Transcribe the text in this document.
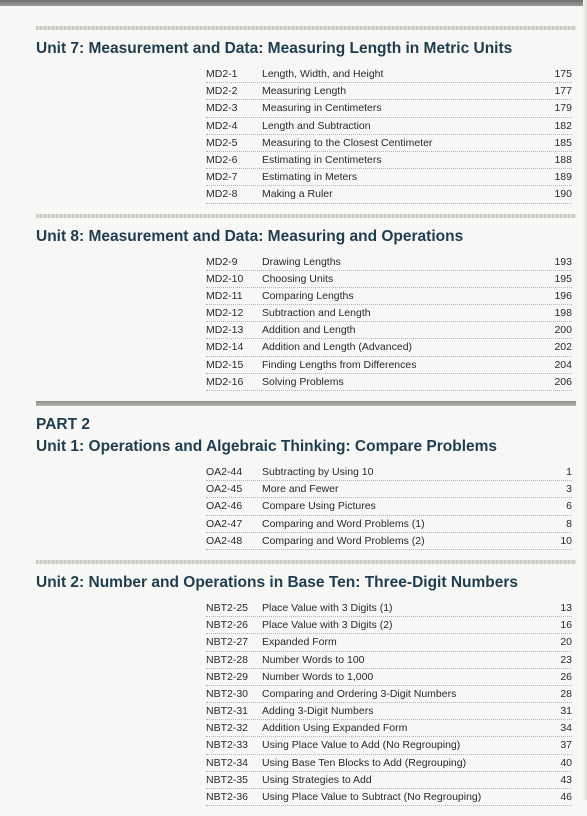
Unit 7: Measurement and Data: Measuring Length in Metric Units
MD2-1	Length, Width, and Height	175
MD2-2	Measuring Length	177
MD2-3	Measuring in Centimeters	179
MD2-4	Length and Subtraction	182
MD2-5	Measuring to the Closest Centimeter	185
MD2-6	Estimating in Centimeters	188
MD2-7	Estimating in Meters	189
MD2-8	Making a Ruler	190
Unit 8: Measurement and Data: Measuring and Operations
MD2-9	Drawing Lengths	193
MD2-10	Choosing Units	195
MD2-11	Comparing Lengths	196
MD2-12	Subtraction and Length	198
MD2-13	Addition and Length	200
MD2-14	Addition and Length (Advanced)	202
MD2-15	Finding Lengths from Differences	204
MD2-16	Solving Problems	206
PART 2
Unit 1: Operations and Algebraic Thinking: Compare Problems
OA2-44	Subtracting by Using 10	1
OA2-45	More and Fewer	3
OA2-46	Compare Using Pictures	6
OA2-47	Comparing and Word Problems (1)	8
OA2-48	Comparing and Word Problems (2)	10
Unit 2: Number and Operations in Base Ten: Three-Digit Numbers
NBT2-25	Place Value with 3 Digits (1)	13
NBT2-26	Place Value with 3 Digits (2)	16
NBT2-27	Expanded Form	20
NBT2-28	Number Words to 100	23
NBT2-29	Number Words to 1,000	26
NBT2-30	Comparing and Ordering 3-Digit Numbers	28
NBT2-31	Adding 3-Digit Numbers	31
NBT2-32	Addition Using Expanded Form	34
NBT2-33	Using Place Value to Add (No Regrouping)	37
NBT2-34	Using Base Ten Blocks to Add (Regrouping)	40
NBT2-35	Using Strategies to Add	43
NBT2-36	Using Place Value to Subtract (No Regrouping)	46
